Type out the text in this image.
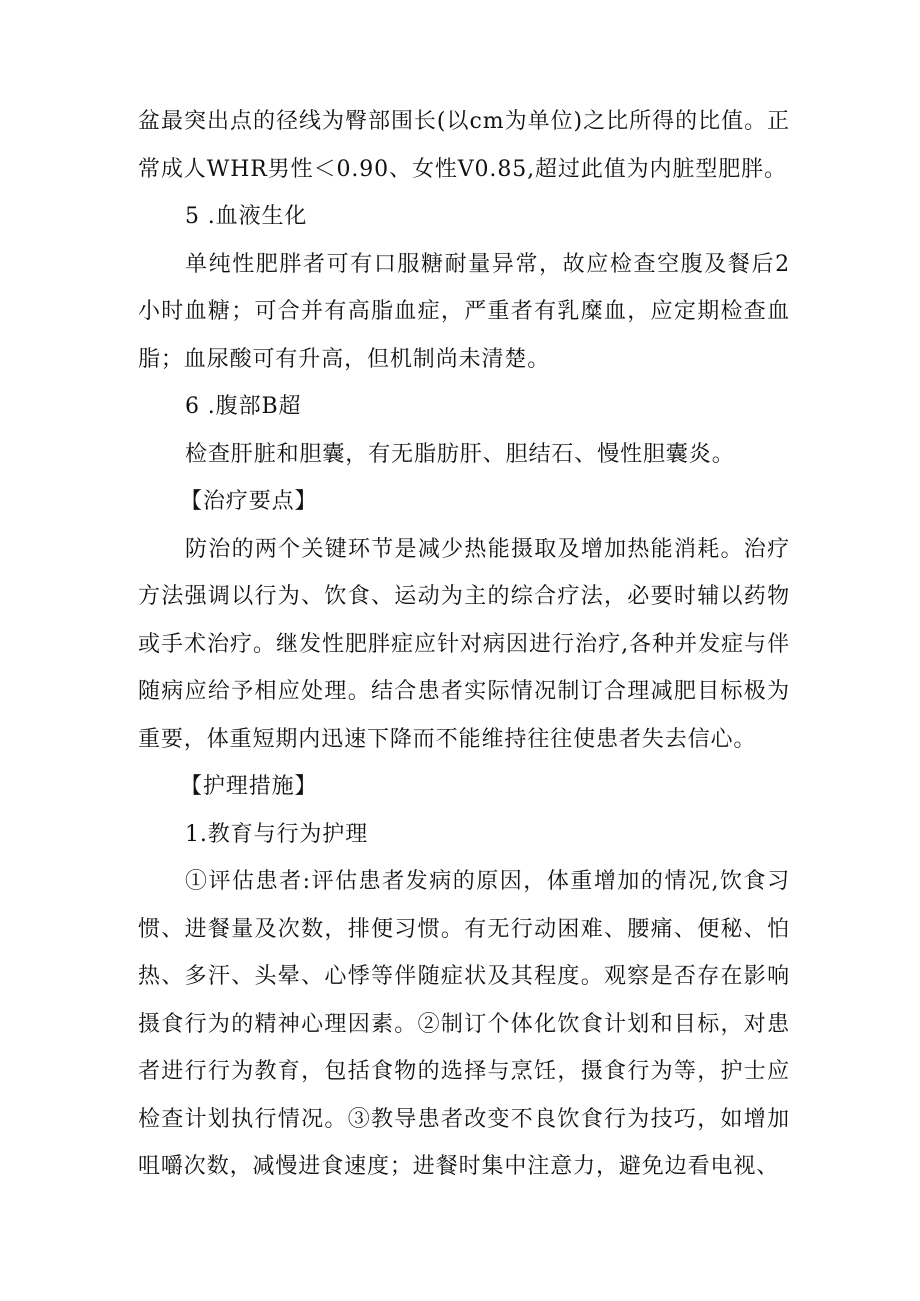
盆最突出点的径线为臀部围长(以cm为单位)之比所得的比值。正常成人WHR男性＜0.90、女性V0.85,超过此值为内脏型肥胖。

5 .血液生化

单纯性肥胖者可有口服糖耐量异常，故应检查空腹及餐后2小时血糖；可合并有高脂血症，严重者有乳糜血，应定期检查血脂；血尿酸可有升高，但机制尚未清楚。

6 .腹部B超

检查肝脏和胆囊，有无脂肪肝、胆结石、慢性胆囊炎。

【治疗要点】

防治的两个关键环节是减少热能摄取及增加热能消耗。治疗方法强调以行为、饮食、运动为主的综合疗法，必要时辅以药物或手术治疗。继发性肥胖症应针对病因进行治疗,各种并发症与伴随病应给予相应处理。结合患者实际情况制订合理减肥目标极为重要，体重短期内迅速下降而不能维持往往使患者失去信心。

【护理措施】

1.教育与行为护理

①评估患者:评估患者发病的原因，体重增加的情况,饮食习惯、进餐量及次数，排便习惯。有无行动困难、腰痛、便秘、怕热、多汗、头晕、心悸等伴随症状及其程度。观察是否存在影响摄食行为的精神心理因素。②制订个体化饮食计划和目标，对患者进行行为教育，包括食物的选择与烹饪，摄食行为等，护士应检查计划执行情况。③教导患者改变不良饮食行为技巧，如增加咀嚼次数，减慢进食速度；进餐时集中注意力，避免边看电视、
